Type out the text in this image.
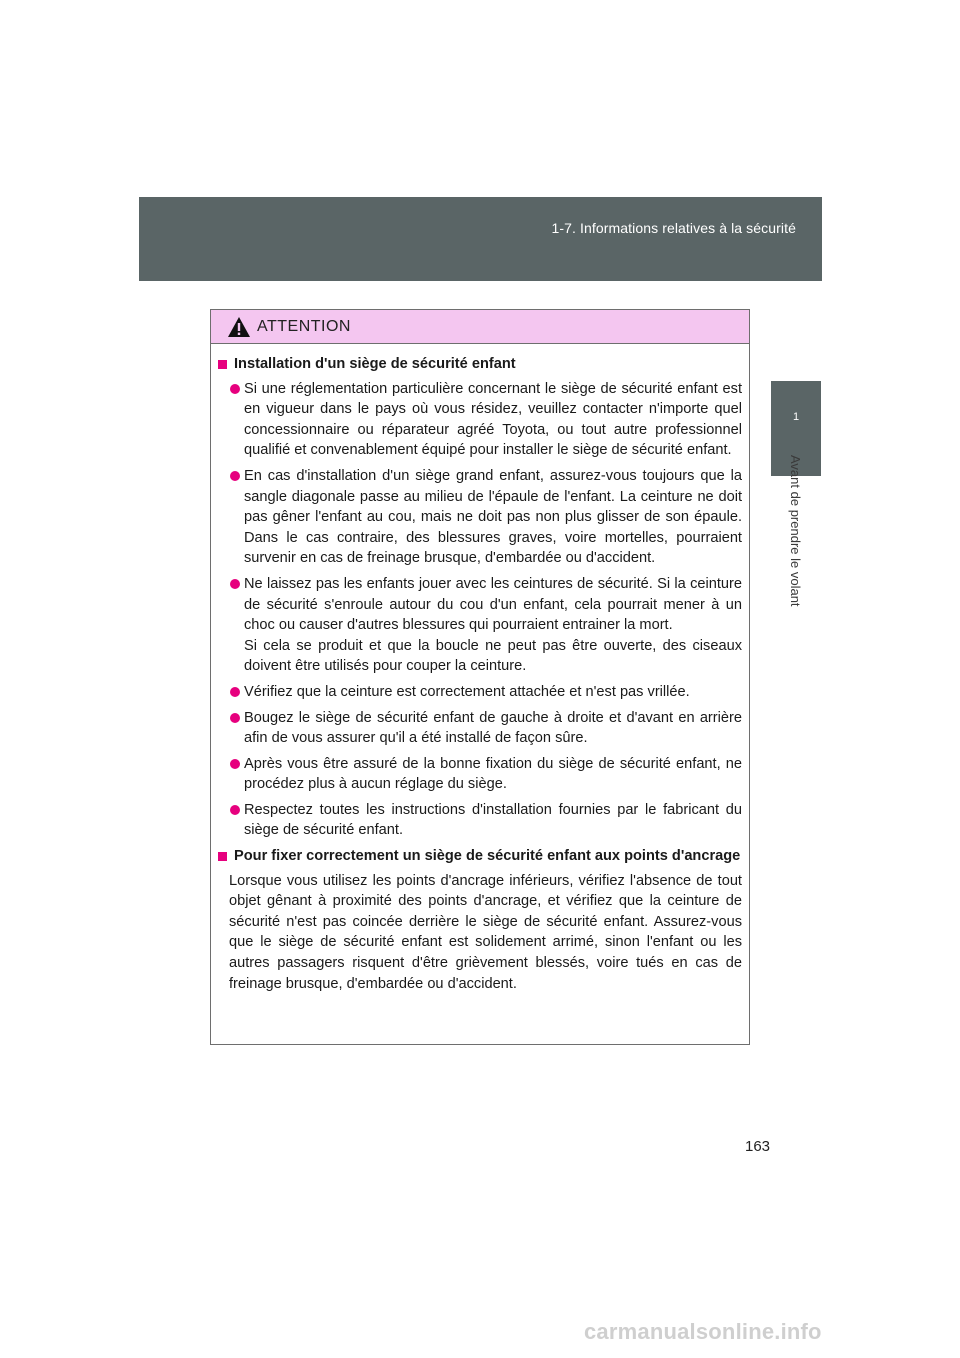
1-7. Informations relatives à la sécurité
1
Avant de prendre le volant
ATTENTION
Installation d'un siège de sécurité enfant

Si une réglementation particulière concernant le siège de sécurité enfant est en vigueur dans le pays où vous résidez, veuillez contacter n'importe quel concessionnaire ou réparateur agréé Toyota, ou tout autre professionnel qualifié et convenablement équipé pour installer le siège de sécurité enfant.

En cas d'installation d'un siège grand enfant, assurez-vous toujours que la sangle diagonale passe au milieu de l'épaule de l'enfant. La ceinture ne doit pas gêner l'enfant au cou, mais ne doit pas non plus glisser de son épaule. Dans le cas contraire, des blessures graves, voire mortelles, pourraient survenir en cas de freinage brusque, d'embardée ou d'accident.

Ne laissez pas les enfants jouer avec les ceintures de sécurité. Si la ceinture de sécurité s'enroule autour du cou d'un enfant, cela pourrait mener à un choc ou causer d'autres blessures qui pourraient entrainer la mort.

Si cela se produit et que la boucle ne peut pas être ouverte, des ciseaux doivent être utilisés pour couper la ceinture.

Vérifiez que la ceinture est correctement attachée et n'est pas vrillée.

Bougez le siège de sécurité enfant de gauche à droite et d'avant en arrière afin de vous assurer qu'il a été installé de façon sûre.

Après vous être assuré de la bonne fixation du siège de sécurité enfant, ne procédez plus à aucun réglage du siège.

Respectez toutes les instructions d'installation fournies par le fabricant du siège de sécurité enfant.

Pour fixer correctement un siège de sécurité enfant aux points d'ancrage
Lorsque vous utilisez les points d'ancrage inférieurs, vérifiez l'absence de tout objet gênant à proximité des points d'ancrage, et vérifiez que la ceinture de sécurité n'est pas coincée derrière le siège de sécurité enfant. Assurez-vous que le siège de sécurité enfant est solidement arrimé, sinon l'enfant ou les autres passagers risquent d'être grièvement blessés, voire tués en cas de freinage brusque, d'embardée ou d'accident.
163
carmanualsonline.info
